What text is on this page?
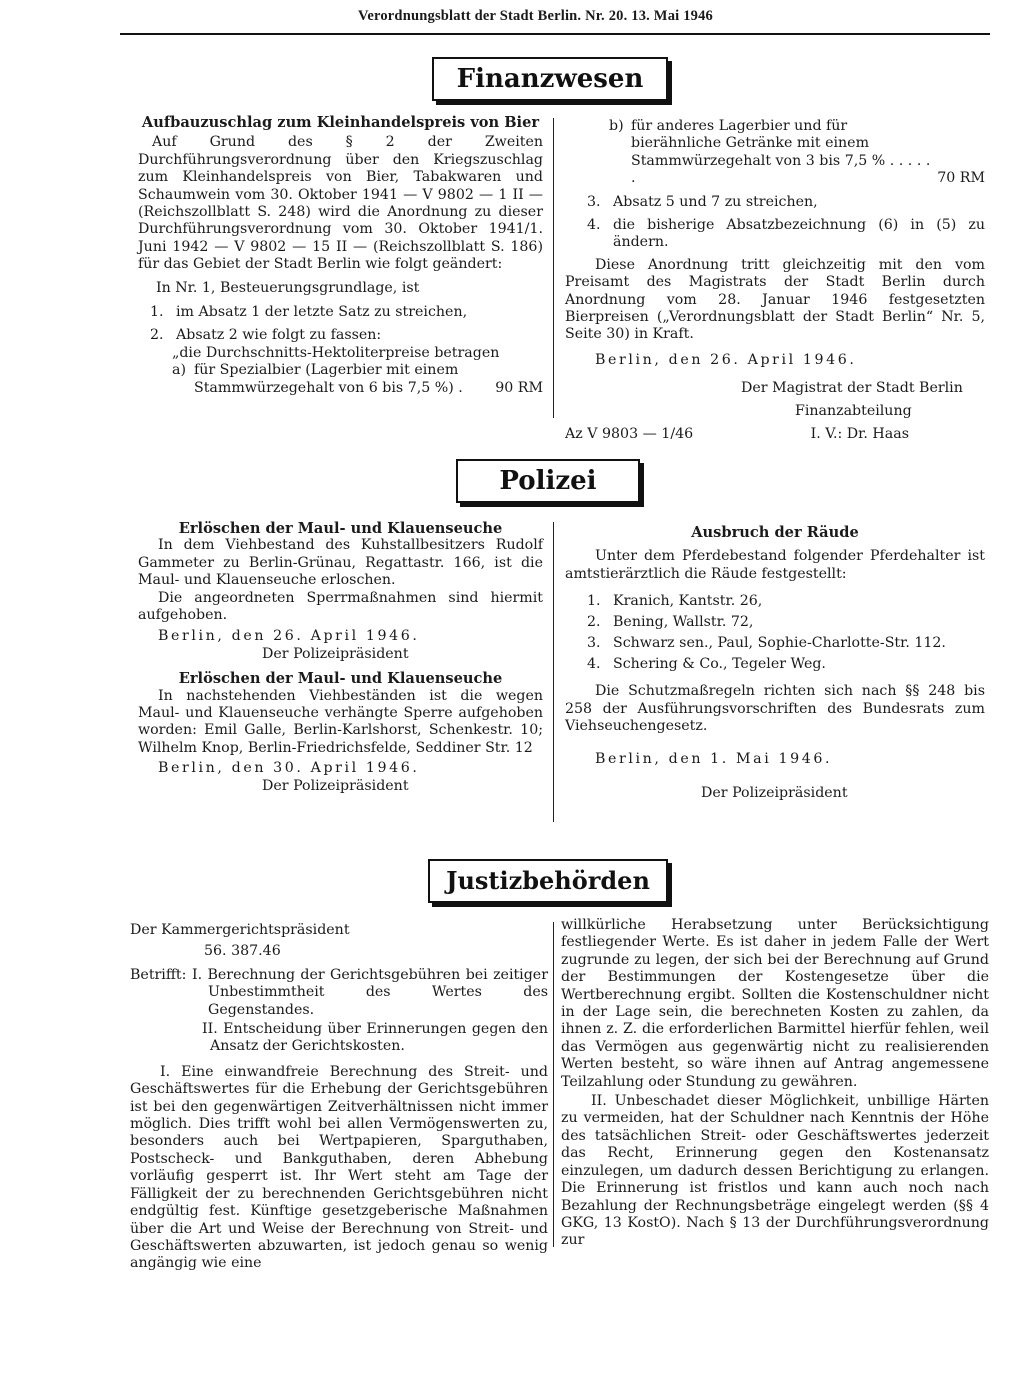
Verordnungsblatt der Stadt Berlin. Nr. 20. 13. Mai 1946
Finanzwesen
Aufbauzuschlag zum Kleinhandelspreis von Bier
Auf Grund des § 2 der Zweiten Durchführungsverordnung über den Kriegszuschlag zum Kleinhandelspreis von Bier, Tabakwaren und Schaumwein vom 30. Oktober 1941 — V 9802 — 1 II — (Reichszollblatt S. 248) wird die Anordnung zu dieser Durchführungsverordnung vom 30. Oktober 1941/1. Juni 1942 — V 9802 — 15 II — (Reichszollblatt S. 186) für das Gebiet der Stadt Berlin wie folgt geändert:
In Nr. 1, Besteuerungsgrundlage, ist
1. im Absatz 1 der letzte Satz zu streichen,
2. Absatz 2 wie folgt zu fassen:
„die Durchschnitts-Hektoliterpreise betragen
a) für Spezialbier (Lagerbier mit einem Stammwürzegehalt von 6 bis 7,5 %) .	90 RM
b) für anderes Lagerbier und für bierähnliche Getränke mit einem Stammwürzegehalt von 3 bis 7,5 % . . . . . .	70 RM
3. Absatz 5 und 7 zu streichen,
4. die bisherige Absatzbezeichnung (6) in (5) zu ändern.
Diese Anordnung tritt gleichzeitig mit den vom Preisamt des Magistrats der Stadt Berlin durch Anordnung vom 28. Januar 1946 festgesetzten Bierpreisen („Verordnungsblatt der Stadt Berlin“ Nr. 5, Seite 30) in Kraft.
Berlin, den 26. April 1946.
Der Magistrat der Stadt Berlin
Finanzabteilung
Az V 9803 — 1/46	I. V.: Dr. Haas
Polizei
Erlöschen der Maul- und Klauenseuche
In dem Viehbestand des Kuhstallbesitzers Rudolf Gammeter zu Berlin-Grünau, Regattastr. 166, ist die Maul- und Klauenseuche erloschen.
Die angeordneten Sperrmaßnahmen sind hiermit aufgehoben.
Berlin, den 26. April 1946.
Der Polizeipräsident
Erlöschen der Maul- und Klauenseuche
In nachstehenden Viehbeständen ist die wegen Maul- und Klauenseuche verhängte Sperre aufgehoben worden: Emil Galle, Berlin-Karlshorst, Schenkestr. 10; Wilhelm Knop, Berlin-Friedrichsfelde, Seddiner Str. 12
Berlin, den 30. April 1946.
Der Polizeipräsident
Ausbruch der Räude
Unter dem Pferdebestand folgender Pferdehalter ist amtstierärztlich die Räude festgestellt:
1. Kranich, Kantstr. 26,
2. Bening, Wallstr. 72,
3. Schwarz sen., Paul, Sophie-Charlotte-Str. 112.
4. Schering & Co., Tegeler Weg.
Die Schutzmaßregeln richten sich nach §§ 248 bis 258 der Ausführungsvorschriften des Bundesrats zum Viehseuchengesetz.
Berlin, den 1. Mai 1946.
Der Polizeipräsident
Justizbehörden
Der Kammergerichtspräsident
56. 387.46
Betrifft: I. Berechnung der Gerichtsgebühren bei zeitiger Unbestimmtheit des Wertes des Gegenstandes.
II. Entscheidung über Erinnerungen gegen den Ansatz der Gerichtskosten.
I. Eine einwandfreie Berechnung des Streit- und Geschäftswertes für die Erhebung der Gerichtsgebühren ist bei den gegenwärtigen Zeitverhältnissen nicht immer möglich. Dies trifft wohl bei allen Vermögenswerten zu, besonders auch bei Wertpapieren, Sparguthaben, Postscheck- und Bankguthaben, deren Abhebung vorläufig gesperrt ist. Ihr Wert steht am Tage der Fälligkeit der zu berechnenden Gerichtsgebühren nicht endgültig fest. Künftige gesetzgeberische Maßnahmen über die Art und Weise der Berechnung von Streit- und Geschäftswerten abzuwarten, ist jedoch genau so wenig angängig wie eine
willkürliche Herabsetzung unter Berücksichtigung festliegender Werte. Es ist daher in jedem Falle der Wert zugrunde zu legen, der sich bei der Berechnung auf Grund der Bestimmungen der Kostengesetze über die Wertberechnung ergibt. Sollten die Kostenschuldner nicht in der Lage sein, die berechneten Kosten zu zahlen, da ihnen z. Z. die erforderlichen Barmittel hierfür fehlen, weil das Vermögen aus gegenwärtig nicht zu realisierenden Werten besteht, so wäre ihnen auf Antrag angemessene Teilzahlung oder Stundung zu gewähren.
II. Unbeschadet dieser Möglichkeit, unbillige Härten zu vermeiden, hat der Schuldner nach Kenntnis der Höhe des tatsächlichen Streit- oder Geschäftswertes jederzeit das Recht, Erinnerung gegen den Kostenansatz einzulegen, um dadurch dessen Berichtigung zu erlangen. Die Erinnerung ist fristlos und kann auch noch nach Bezahlung der Rechnungsbeträge eingelegt werden (§§ 4 GKG, 13 KostO). Nach § 13 der Durchführungsverordnung zur
